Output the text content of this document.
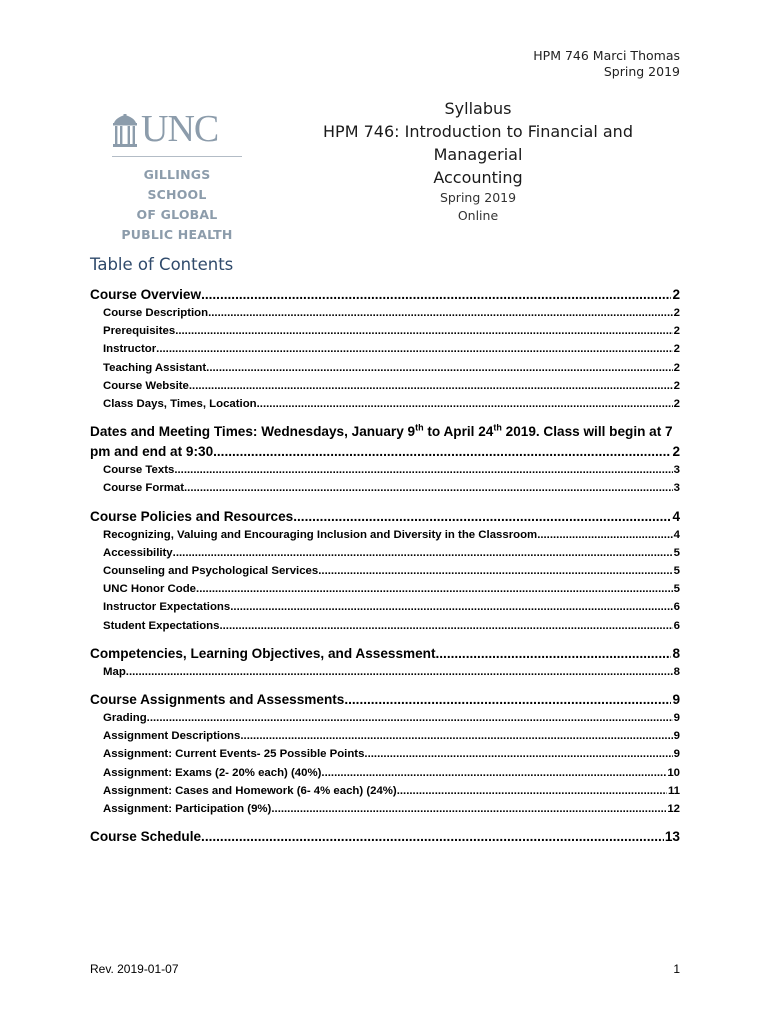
HPM 746 Marci Thomas
Spring 2019
UNC
GILLINGS SCHOOL
OF GLOBAL
PUBLIC HEALTH
Syllabus
HPM 746: Introduction to Financial and Managerial
Accounting
Spring 2019
Online
Table of Contents
Course Overview .....	2
Course Description .....	2
Prerequisites .....	2
Instructor .....	2
Teaching Assistant .....	2
Course Website .....	2
Class Days, Times, Location .....	2
Dates and Meeting Times: Wednesdays, January 9th to April 24th 2019. Class will begin at 7
pm and end at 9:30. .....	2
Course Texts .....	3
Course Format .....	3
Course Policies and Resources .....	4
Recognizing, Valuing and Encouraging Inclusion and Diversity in the Classroom .....	4
Accessibility .....	5
Counseling and Psychological Services .....	5
UNC Honor Code .....	5
Instructor Expectations .....	6
Student Expectations .....	6
Competencies, Learning Objectives, and Assessment .....	8
Map .....	8
Course Assignments and Assessments .....	9
Grading .....	9
Assignment Descriptions .....	9
Assignment: Current Events- 25 Possible Points .....	9
Assignment: Exams (2- 20% each) (40%) .....	10
Assignment: Cases and Homework (6- 4% each) (24%) .....	11
Assignment: Participation (9%) .....	12
Course Schedule .....	13
Rev. 2019-01-07	1
